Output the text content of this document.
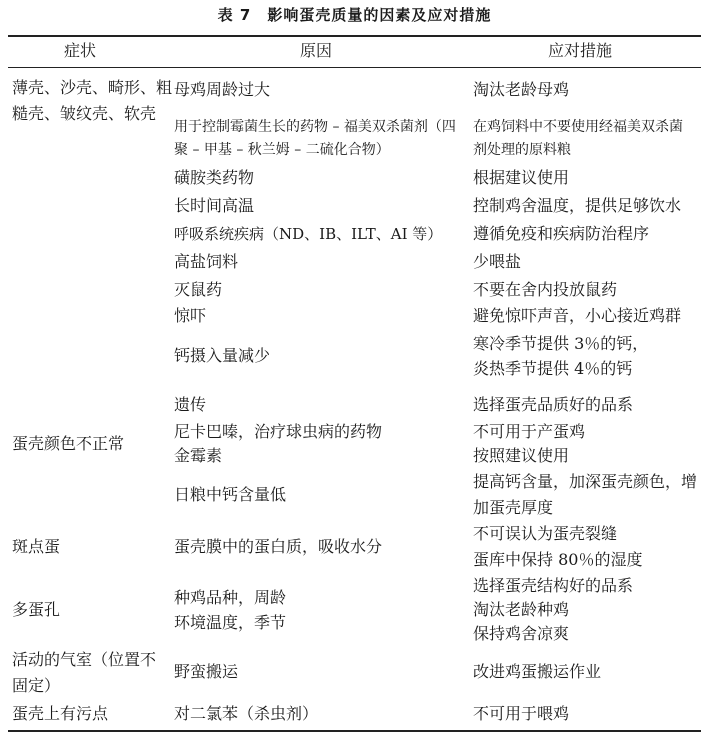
表 7　影响蛋壳质量的因素及应对措施
症状	原因	应对措施
薄壳、沙壳、畸形、粗
糙壳、皱纹壳、软壳
蛋壳颜色不正常
斑点蛋
多蛋孔
活动的气室（位置不
固定）
蛋壳上有污点
母鸡周龄过大
用于控制霉菌生长的药物 – 福美双杀菌剂（四
聚 – 甲基 – 秋兰姆 – 二硫化合物）
磺胺类药物
长时间高温
呼吸系统疾病（ND、IB、ILT、AI 等）
高盐饲料
灭鼠药
惊吓
钙摄入量减少
遗传
尼卡巴嗪，治疗球虫病的药物
金霉素
日粮中钙含量低
蛋壳膜中的蛋白质，吸收水分
种鸡品种，周龄
环境温度，季节
野蛮搬运
对二氯苯（杀虫剂）
淘汰老龄母鸡
在鸡饲料中不要使用经福美双杀菌
剂处理的原料粮
根据建议使用
控制鸡舍温度，提供足够饮水
遵循免疫和疾病防治程序
少喂盐
不要在舍内投放鼠药
避免惊吓声音，小心接近鸡群
寒冷季节提供 3％的钙，
炎热季节提供 4％的钙
选择蛋壳品质好的品系
不可用于产蛋鸡
按照建议使用
提高钙含量，加深蛋壳颜色，增
加蛋壳厚度
不可误认为蛋壳裂缝
蛋库中保持 80％的湿度
选择蛋壳结构好的品系
淘汰老龄种鸡
保持鸡舍凉爽
改进鸡蛋搬运作业
不可用于喂鸡
